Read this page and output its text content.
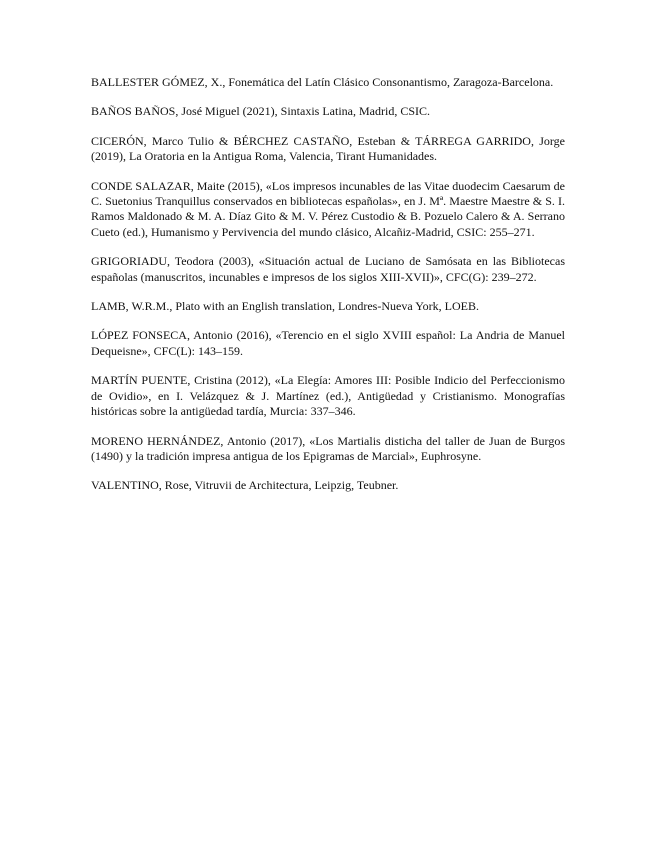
BALLESTER GÓMEZ, X., Fonemática del Latín Clásico Consonantismo, Zaragoza-Barcelona.

BAÑOS BAÑOS, José Miguel (2021), Sintaxis Latina, Madrid, CSIC.

CICERÓN, Marco Tulio & BÉRCHEZ CASTAÑO, Esteban & TÁRREGA GARRIDO, Jorge (2019), La Oratoria en la Antigua Roma, Valencia, Tirant Humanidades.

CONDE SALAZAR, Maite (2015), «Los impresos incunables de las Vitae duodecim Caesarum de C. Suetonius Tranquillus conservados en bibliotecas españolas», en J. Mª. Maestre Maestre & S. I. Ramos Maldonado & M. A. Díaz Gito & M. V. Pérez Custodio & B. Pozuelo Calero & A. Serrano Cueto (ed.), Humanismo y Pervivencia del mundo clásico, Alcañiz-Madrid, CSIC: 255‒271.

GRIGORIADU, Teodora (2003), «Situación actual de Luciano de Samósata en las Bibliotecas españolas (manuscritos, incunables e impresos de los siglos XIII-XVII)», CFC(G): 239‒272.

LAMB, W.R.M., Plato with an English translation, Londres-Nueva York, LOEB.

LÓPEZ FONSECA, Antonio (2016), «Terencio en el siglo XVIII español: La Andria de Manuel Dequeisne», CFC(L): 143‒159.

MARTÍN PUENTE, Cristina (2012), «La Elegía: Amores III: Posible Indicio del Perfeccionismo de Ovidio», en I. Velázquez & J. Martínez (ed.), Antigüedad y Cristianismo. Monografías históricas sobre la antigüedad tardía, Murcia: 337‒346.

MORENO HERNÁNDEZ, Antonio (2017), «Los Martialis disticha del taller de Juan de Burgos (1490) y la tradición impresa antigua de los Epigramas de Marcial», Euphrosyne.

VALENTINO, Rose, Vitruvii de Architectura, Leipzig, Teubner.
